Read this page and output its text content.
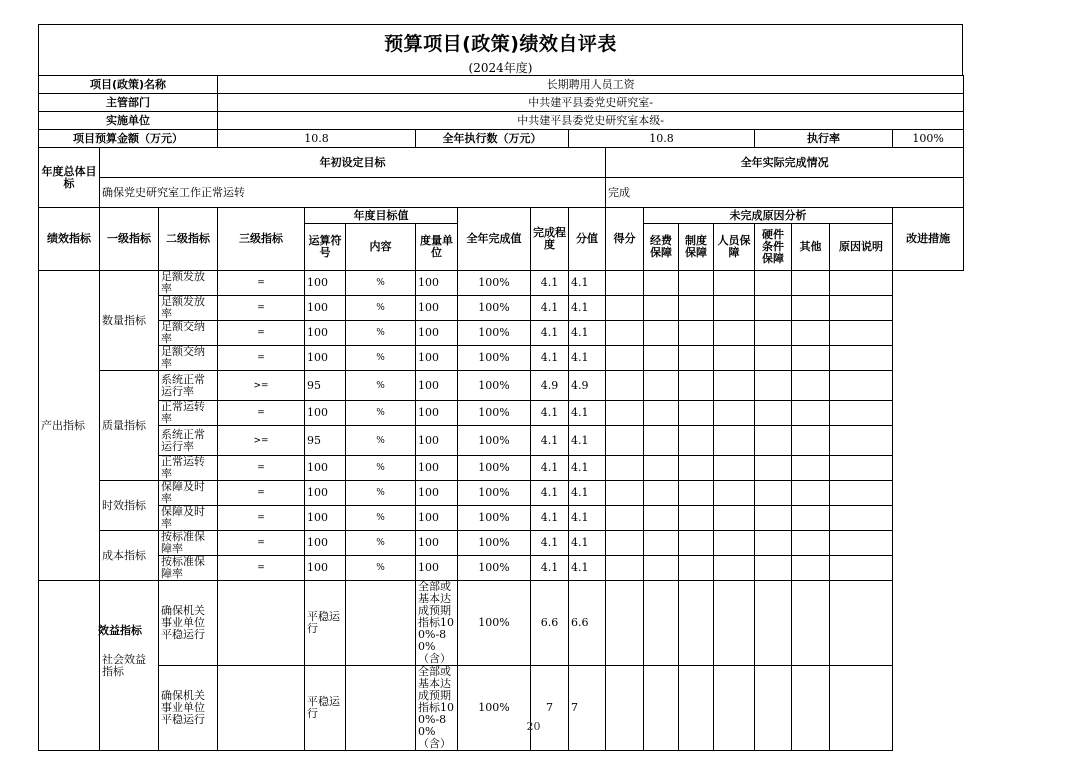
预算项目(政策)绩效自评表
(2024年度)
项目(政策)名称			长期聘用人员工资														
主管部门			中共建平县委党史研究室-														
实施单位			中共建平县委党史研究室本级-														
项目预算金额（万元）			10.8			全年执行数（万元）			10.8					执行率			100%
年度总体目标	年初设定目标									全年实际完成情况							
	确保党史研究室工作正常运转									完成							
绩效指标	一级指标	二级指标	三级指标	年度目标值			全年完成值	完成程度	分值	得分	未完成原因分析						改进措施
				运算符号	内容	度量单位					经费保障	制度保障	人员保障	硬件条件保障	其他	原因说明	
产出指标	数量指标	足额发放率	=	100	%	100	100%	4.1	4.1								
		足额发放率	=	100	%	100	100%	4.1	4.1								
		足额交纳率	=	100	%	100	100%	4.1	4.1								
		足额交纳率	=	100	%	100	100%	4.1	4.1								
	质量指标	系统正常运行率	>=	95	%	100	100%	4.9	4.9								
		正常运转率	=	100	%	100	100%	4.1	4.1								
		系统正常运行率	>=	95	%	100	100%	4.1	4.1								
		正常运转率	=	100	%	100	100%	4.1	4.1								
	时效指标	保障及时率	=	100	%	100	100%	4.1	4.1								
		保障及时率	=	100	%	100	100%	4.1	4.1								
	成本指标	按标准保障率	=	100	%	100	100%	4.1	4.1								
		按标准保障率	=	100	%	100	100%	4.1	4.1								
	社会效益指标	确保机关事业单位平稳运行		平稳运行		全部或基本达成预期指标100%-80%（含）	100%	6.6	6.6								
		确保机关事业单位平稳运行		平稳运行		全部或基本达成预期指标100%-80%（含）	100%	7	7								
效益指标
20
